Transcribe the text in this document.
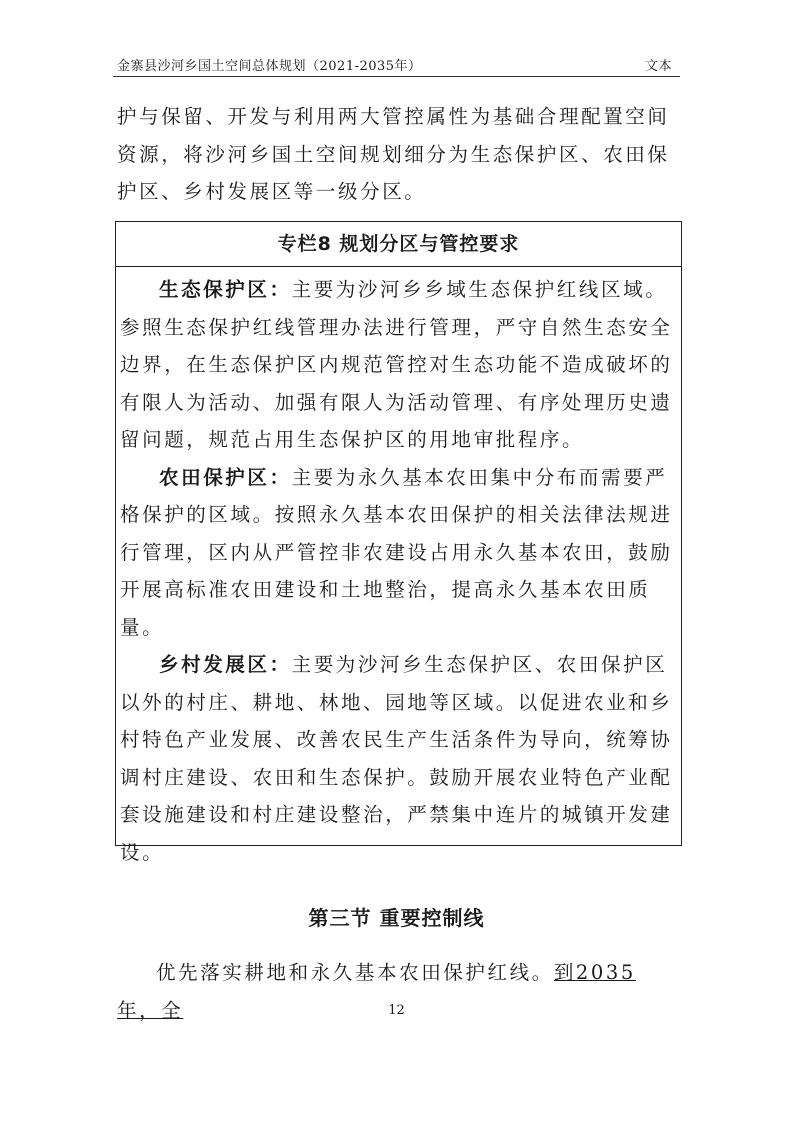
金寨县沙河乡国土空间总体规划（2021-2035年）	文本
护与保留、开发与利用两大管控属性为基础合理配置空间资源，将沙河乡国土空间规划细分为生态保护区、农田保护区、乡村发展区等一级分区。
专栏8 规划分区与管控要求

生态保护区：主要为沙河乡乡域生态保护红线区域。参照生态保护红线管理办法进行管理，严守自然生态安全边界，在生态保护区内规范管控对生态功能不造成破坏的有限人为活动、加强有限人为活动管理、有序处理历史遗留问题，规范占用生态保护区的用地审批程序。

农田保护区：主要为永久基本农田集中分布而需要严格保护的区域。按照永久基本农田保护的相关法律法规进行管理，区内从严管控非农建设占用永久基本农田，鼓励开展高标准农田建设和土地整治，提高永久基本农田质量。

乡村发展区：主要为沙河乡生态保护区、农田保护区以外的村庄、耕地、林地、园地等区域。以促进农业和乡村特色产业发展、改善农民生产生活条件为导向，统筹协调村庄建设、农田和生态保护。鼓励开展农业特色产业配套设施建设和村庄建设整治，严禁集中连片的城镇开发建设。

第三节 重要控制线
优先落实耕地和永久基本农田保护红线。到2035年，全	12
